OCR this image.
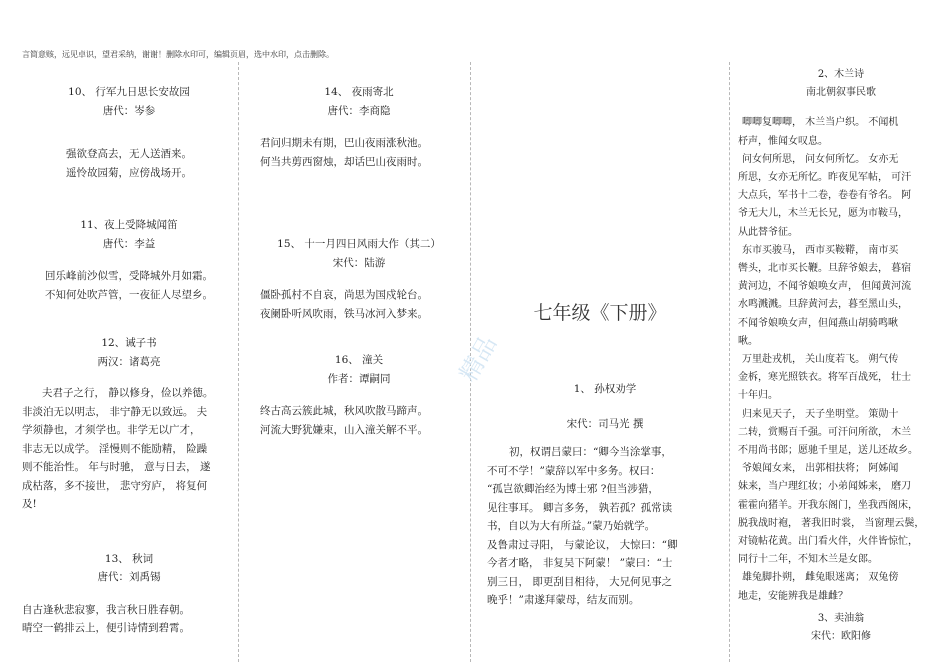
言简意赅，远见卓识，望君采纳，谢谢！删除水印可，编辑页眉，选中水印，点击删除。
10、 行军九日思长安故园
唐代：岑参
强欲登高去，无人送酒来。
遥怜故园菊，应傍战场开。
11、夜上受降城闻笛
唐代：李益
回乐峰前沙似雪，受降城外月如霜。
不知何处吹芦管，一夜征人尽望乡。
12、诫子书
两汉：诸葛亮
夫君子之行， 静以修身，俭以养德。
非淡泊无以明志， 非宁静无以致远。 夫
学须静也，才须学也。非学无以广才，
非志无以成学。 淫慢则不能励精， 险躁
则不能治性。 年与时驰， 意与日去， 遂
成枯落，多不接世， 悲守穷庐， 将复何
及!
13、 秋词
唐代：刘禹锡
自古逢秋悲寂寥，我言秋日胜春朝。
晴空一鹤排云上，便引诗情到碧霄。
14、 夜雨寄北
唐代：李商隐
君问归期未有期，巴山夜雨涨秋池。
何当共剪西窗烛，却话巴山夜雨时。
15、 十一月四日风雨大作（其二）
宋代：陆游
僵卧孤村不自哀，尚思为国戍轮台。
夜阑卧听风吹雨，铁马冰河入梦来。
16、 潼关
作者：谭嗣同
终古高云簇此城，秋风吹散马蹄声。
河流大野犹嫌束，山入潼关解不平。
七年级《下册》
精品
1、 孙权劝学
宋代：司马光 撰
初，权谓吕蒙曰：“卿今当涂掌事，
不可不学！”蒙辞以军中多务。权曰：
“孤岂欲卿治经为博士邪 ?但当涉猎，
见往事耳。 卿言多务， 孰若孤？孤常读
书，自以为大有所益。”蒙乃始就学。
及鲁肃过寻阳， 与蒙论议， 大惊曰：“卿
今者才略， 非复吴下阿蒙！ ”蒙曰：“士
别三日， 即更刮目相待， 大兄何见事之
晚乎！”肃遂拜蒙母，结友而别。
2、木兰诗
南北朝叙事民歌
唧唧复唧唧， 木兰当户织。 不闻机
杼声，惟闻女叹息。
问女何所思， 问女何所忆。 女亦无
所思，女亦无所忆。昨夜见军帖， 可汗
大点兵，军书十二卷，卷卷有爷名。 阿
爷无大儿，木兰无长兄，愿为市鞍马，
从此替爷征。
东市买骏马， 西市买鞍鞯， 南市买
辔头，北市买长鞭。旦辞爷娘去， 暮宿
黄河边，不闻爷娘唤女声， 但闻黄河流
水鸣溅溅。旦辞黄河去，暮至黑山头，
不闻爷娘唤女声，但闻燕山胡骑鸣啾
啾。
万里赴戎机， 关山度若飞。 朔气传
金柝，寒光照铁衣。将军百战死， 壮士
十年归。
归来见天子， 天子坐明堂。 策勋十
二转，赏赐百千强。可汗问所欲， 木兰
不用尚书郎；愿驰千里足，送儿还故乡。
爷娘闻女来， 出郭相扶将； 阿姊闻
妹来，当户理红妆；小弟闻姊来， 磨刀
霍霍向猪羊。开我东阁门，坐我西阁床，
脱我战时袍， 著我旧时裳， 当窗理云鬓，
对镜帖花黄。出门看火伴，火伴皆惊忙，
同行十二年，不知木兰是女郎。
雄兔脚扑朔， 雌兔眼迷离； 双兔傍
地走，安能辨我是雄雌？
3、卖油翁
宋代：欧阳修
